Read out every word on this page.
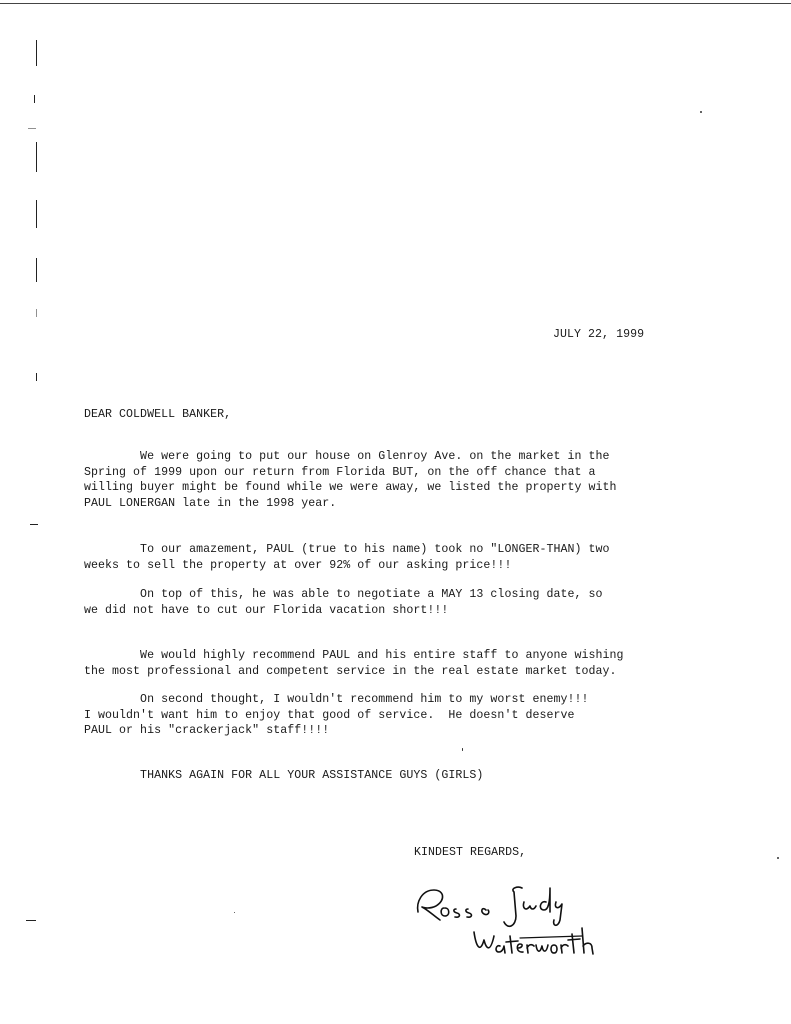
JULY 22, 1999
DEAR COLDWELL BANKER,
We were going to put our house on Glenroy Ave. on the market in the
Spring of 1999 upon our return from Florida BUT, on the off chance that a
willing buyer might be found while we were away, we listed the property with
PAUL LONERGAN late in the 1998 year.
To our amazement, PAUL (true to his name) took no "LONGER-THAN) two
weeks to sell the property at over 92% of our asking price!!!
On top of this, he was able to negotiate a MAY 13 closing date, so
we did not have to cut our Florida vacation short!!!
We would highly recommend PAUL and his entire staff to anyone wishing
the most professional and competent service in the real estate market today.
On second thought, I wouldn't recommend him to my worst enemy!!!
I wouldn't want him to enjoy that good of service.  He doesn't deserve
PAUL or his "crackerjack" staff!!!!
THANKS AGAIN FOR ALL YOUR ASSISTANCE GUYS (GIRLS)
KINDEST REGARDS,
